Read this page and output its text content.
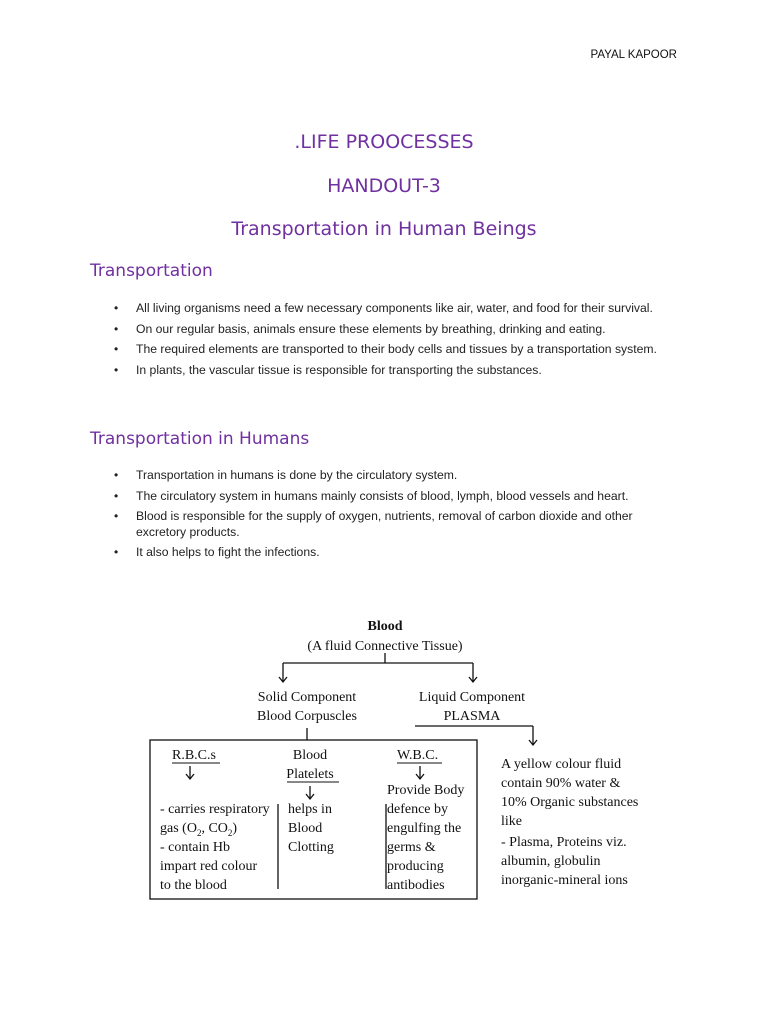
PAYAL KAPOOR
.LIFE PROOCESSES
HANDOUT-3
Transportation in Human Beings
Transportation
• All living organisms need a few necessary components like air, water, and food for their survival.
• On our regular basis, animals ensure these elements by breathing, drinking and eating.
• The required elements are transported to their body cells and tissues by a transportation system.
• In plants, the vascular tissue is responsible for transporting the substances.
Transportation in Humans
• Transportation in humans is done by the circulatory system.
• The circulatory system in humans mainly consists of blood, lymph, blood vessels and heart.
• Blood is responsible for the supply of oxygen, nutrients, removal of carbon dioxide and other excretory products.
• It also helps to fight the infections.
Blood
(A fluid Connective Tissue)
Solid Component
Blood Corpuscles
Liquid Component
PLASMA
R.B.C.s
- carries respiratory
gas ($O_2$, $CO_2$)
- contain Hb
impart red colour
to the blood
Blood
Platelets
helps in
Blood
Clotting
W.B.C.
Provide Body
defence by
engulfing the
germs &
producing
antibodies
A yellow colour fluid
contain 90% water &
10% Organic substances
like
- Plasma, Proteins viz.
albumin, globulin
inorganic-mineral ions
